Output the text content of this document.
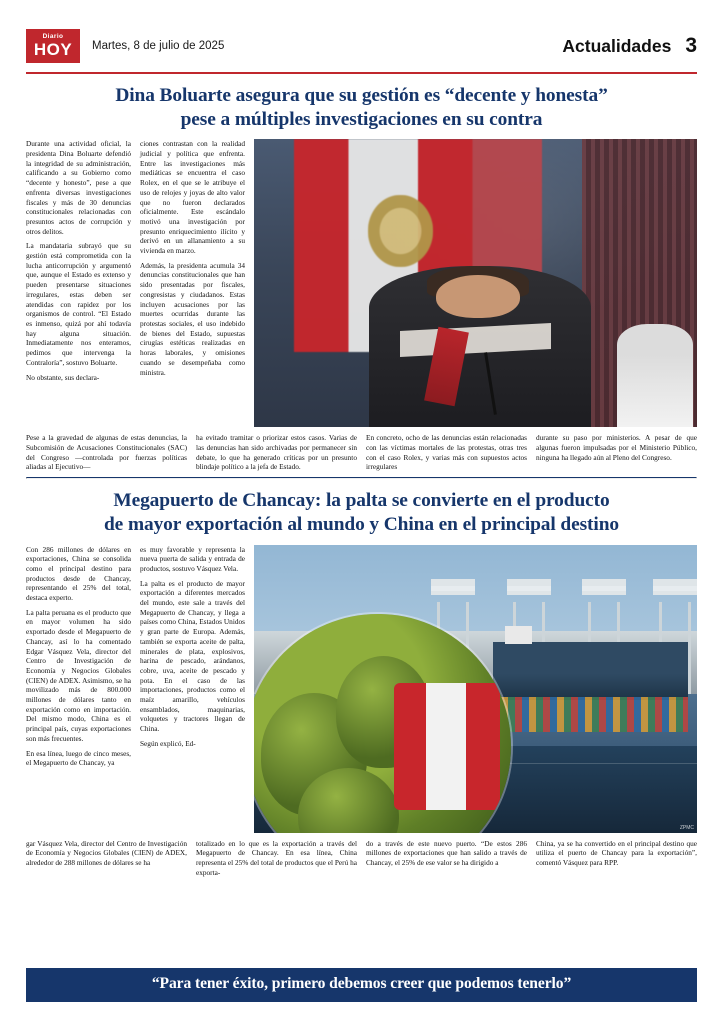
Diario
HOY Martes, 8 de julio de 2025	Actualidades 3
Dina Boluarte asegura que su gestión es “decente y honesta”
pese a múltiples investigaciones en su contra

Durante una actividad oficial, la presidenta Dina Boluarte defendió la integridad de su administración, calificando a su Gobierno como “decente y honesto”, pese a que enfrenta diversas investigaciones fiscales y más de 30 denuncias constitucionales relacionadas con presuntos actos de corrupción y otros delitos.

La mandataria subrayó que su gestión está comprometida con la lucha anticorrupción y argumentó que, aunque el Estado es extenso y pueden presentarse situaciones irregulares, estas deben ser atendidas con rapidez por los organismos de control. “El Estado es inmenso, quizá por ahí todavía hay alguna situación. Inmediatamente nos enteramos, pedimos que intervenga la Contraloría”, sostuvo Boluarte.

No obstante, sus declara-

ciones contrastan con la realidad judicial y política que enfrenta. Entre las investigaciones más mediáticas se encuentra el caso Rolex, en el que se le atribuye el uso de relojes y joyas de alto valor que no fueron declarados oficialmente. Este escándalo motivó una investigación por presunto enriquecimiento ilícito y derivó en un allanamiento a su vivienda en marzo.

Además, la presidenta acumula 34 denuncias constitucionales que han sido presentadas por fiscales, congresistas y ciudadanos. Estas incluyen acusaciones por las muertes ocurridas durante las protestas sociales, el uso indebido de bienes del Estado, supuestas cirugías estéticas realizadas en horas laborales, y omisiones cuando se desempeñaba como ministra.

Pese a la gravedad de algunas de estas denuncias, la Subcomisión de Acusaciones Constitucionales (SAC) del Congreso —controlada por fuerzas políticas aliadas al Ejecutivo—

ha evitado tramitar o priorizar estos casos. Varias de las denuncias han sido archivadas por permanecer sin debate, lo que ha generado críticas por un presunto blindaje político a la jefa de Estado.

En concreto, ocho de las denuncias están relacionadas con las víctimas mortales de las protestas, otras tres con el caso Rolex, y varias más con supuestos actos irregulares

durante su paso por ministerios. A pesar de que algunas fueron impulsadas por el Ministerio Público, ninguna ha llegado aún al Pleno del Congreso.

Megapuerto de Chancay: la palta se convierte en el producto
de mayor exportación al mundo y China en el principal destino

Con 286 millones de dólares en exportaciones, China se consolida como el principal destino para productos desde de Chancay, representando el 25% del total, destaca experto.

La palta peruana es el producto que en mayor volumen ha sido exportado desde el Megapuerto de Chancay, así lo ha comentado Edgar Vásquez Vela, director del Centro de Investigación de Economía y Negocios Globales (CIEN) de ADEX. Asimismo, se ha movilizado más de 800.000 millones de dólares tanto en exportación como en importación. Del mismo modo, China es el principal país, cuyas exportaciones son más frecuentes.

En esa línea, luego de cinco meses, el Megapuerto de Chancay, ya

es muy favorable y representa la nueva puerta de salida y entrada de productos, sostuvo Vásquez Vela.

La palta es el producto de mayor exportación a diferentes mercados del mundo, este sale a través del Megapuerto de Chancay, y llega a países como China, Estados Unidos y gran parte de Europa. Además, también se exporta aceite de palta, minerales de plata, explosivos, harina de pescado, arándanos, cobre, uva, aceite de pescado y pota. En el caso de las importaciones, productos como el maíz amarillo, vehículos ensamblados, maquinarias, volquetes y tractores llegan de China.

Según explicó, Ed-

ZPMC

gar Vásquez Vela, director del Centro de Investigación de Economía y Negocios Globales (CIEN) de ADEX, alrededor de 288 millones de dólares se ha

totalizado en lo que es la exportación a través del Megapuerto de Chancay. En esa línea, China representa el 25% del total de productos que el Perú ha exporta-

do a través de este nuevo puerto. “De estos 286 millones de exportaciones que han salido a través de Chancay, el 25% de ese valor se ha dirigido a

China, ya se ha convertido en el principal destino que utiliza el puerto de Chancay para la exportación”, comentó Vásquez para RPP.

“Para tener éxito, primero debemos creer que podemos tenerlo”
